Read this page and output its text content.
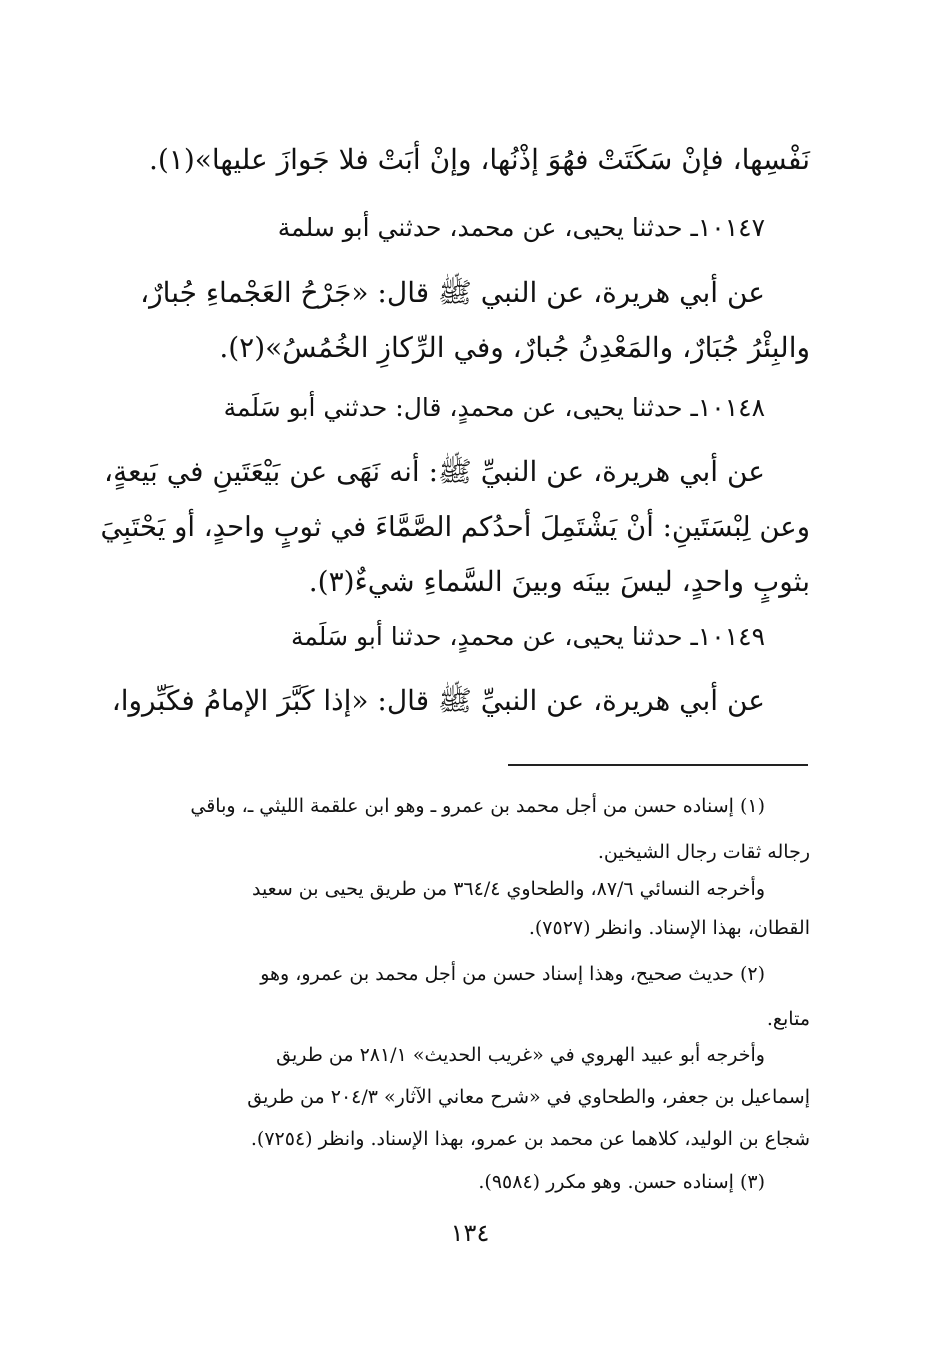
نَفْسِها، فإنْ سَكَتَتْ فهُوَ إذْنُها، وإنْ أبَتْ فلا جَوازَ عليها»(١).
١٠١٤٧ـ حدثنا يحيى، عن محمد، حدثني أبو سلمة
عن أبي هريرة، عن النبي ﷺ قال: «جَرْحُ العَجْماءِ جُبارٌ،
والبِئْرُ جُبَارٌ، والمَعْدِنُ جُبارٌ، وفي الرِّكازِ الخُمُسُ»(٢).
١٠١٤٨ـ حدثنا يحيى، عن محمدٍ، قال: حدثني أبو سَلَمة
عن أبي هريرة، عن النبيِّ ﷺ: أنه نَهَى عن بَيْعَتَينِ في بَيعةٍ،
وعن لِبْسَتَينِ: أنْ يَشْتَمِلَ أحدُكم الصَّمَّاءَ في ثوبٍ واحدٍ، أو يَحْتَبِيَ
بثوبٍ واحدٍ، ليسَ بينَه وبينَ السَّماءِ شيءٌ(٣).
١٠١٤٩ـ حدثنا يحيى، عن محمدٍ، حدثنا أبو سَلَمة
عن أبي هريرة، عن النبيِّ ﷺ قال: «إذا كَبَّرَ الإمامُ فكَبِّروا،
(١) إسناده حسن من أجل محمد بن عمرو ـ وهو ابن علقمة الليثي ـ، وباقي
رجاله ثقات رجال الشيخين.
وأخرجه النسائي ٨٧/٦، والطحاوي ٣٦٤/٤ من طريق يحيى بن سعيد
القطان، بهذا الإسناد. وانظر (٧٥٢٧).
(٢) حديث صحيح، وهذا إسناد حسن من أجل محمد بن عمرو، وهو
متابع.
وأخرجه أبو عبيد الهروي في «غريب الحديث» ٢٨١/١ من طريق
إسماعيل بن جعفر، والطحاوي في «شرح معاني الآثار» ٢٠٤/٣ من طريق
شجاع بن الوليد، كلاهما عن محمد بن عمرو، بهذا الإسناد. وانظر (٧٢٥٤).
(٣) إسناده حسن. وهو مكرر (٩٥٨٤).
١٣٤
